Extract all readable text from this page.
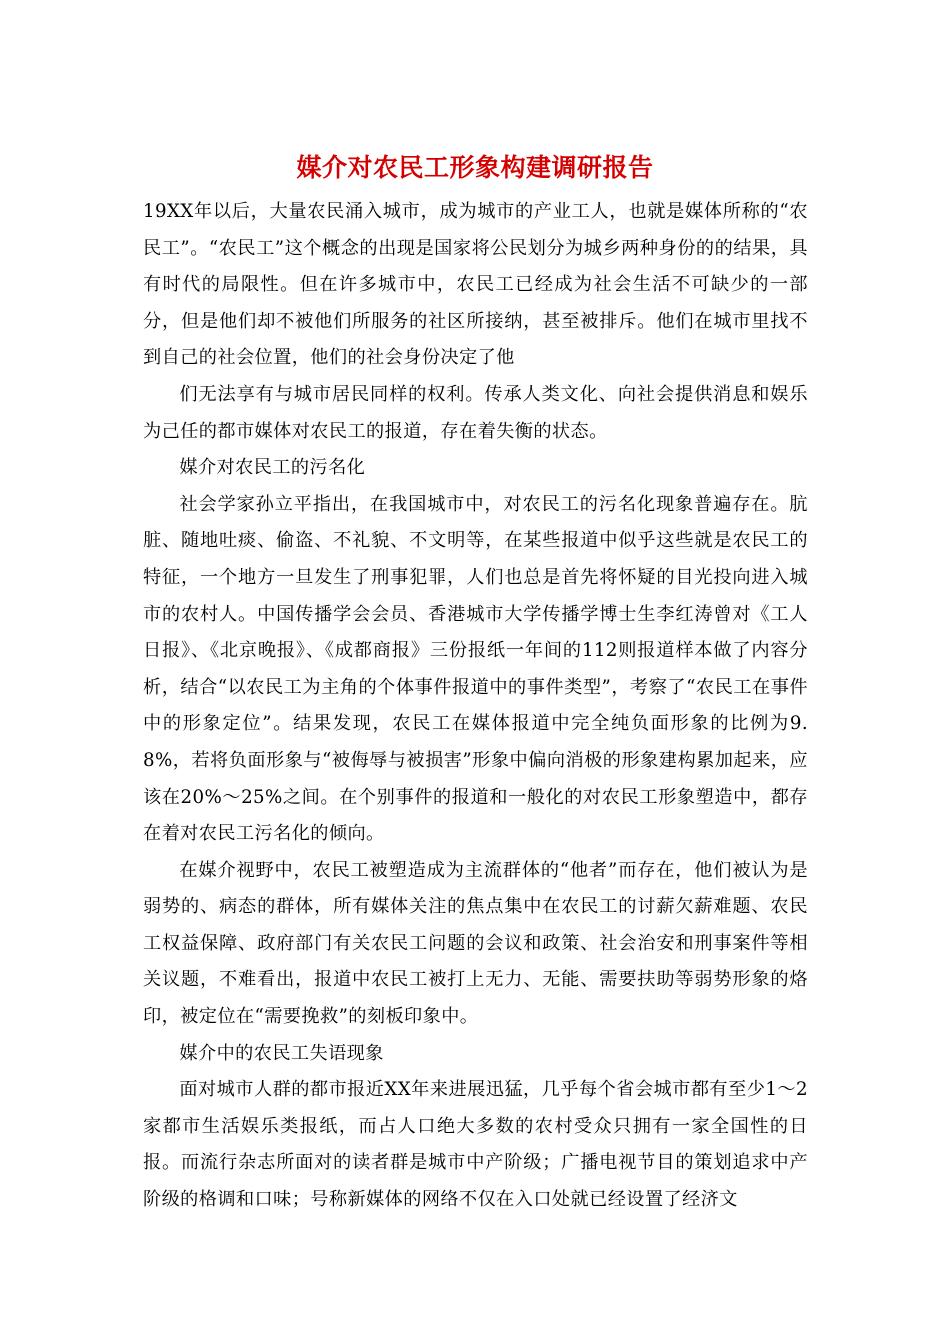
媒介对农民工形象构建调研报告

19XX年以后，大量农民涌入城市，成为城市的产业工人，也就是媒体所称的“农民工”。“农民工”这个概念的出现是国家将公民划分为城乡两种身份的的结果，具有时代的局限性。但在许多城市中，农民工已经成为社会生活不可缺少的一部分，但是他们却不被他们所服务的社区所接纳，甚至被排斥。他们在城市里找不到自己的社会位置，他们的社会身份决定了他

们无法享有与城市居民同样的权利。传承人类文化、向社会提供消息和娱乐为己任的都市媒体对农民工的报道，存在着失衡的状态。

媒介对农民工的污名化

社会学家孙立平指出，在我国城市中，对农民工的污名化现象普遍存在。肮脏、随地吐痰、偷盗、不礼貌、不文明等，在某些报道中似乎这些就是农民工的特征，一个地方一旦发生了刑事犯罪，人们也总是首先将怀疑的目光投向进入城市的农村人。中国传播学会会员、香港城市大学传播学博士生李红涛曾对《工人日报》、《北京晚报》、《成都商报》三份报纸一年间的112则报道样本做了内容分析，结合“以农民工为主角的个体事件报道中的事件类型”，考察了“农民工在事件中的形象定位”。结果发现，农民工在媒体报道中完全纯负面形象的比例为9.8%，若将负面形象与“被侮辱与被损害”形象中偏向消极的形象建构累加起来，应该在20%～25%之间。在个别事件的报道和一般化的对农民工形象塑造中，都存在着对农民工污名化的倾向。

在媒介视野中，农民工被塑造成为主流群体的“他者”而存在，他们被认为是弱势的、病态的群体，所有媒体关注的焦点集中在农民工的讨薪欠薪难题、农民工权益保障、政府部门有关农民工问题的会议和政策、社会治安和刑事案件等相关议题，不难看出，报道中农民工被打上无力、无能、需要扶助等弱势形象的烙印，被定位在“需要挽救”的刻板印象中。

媒介中的农民工失语现象

面对城市人群的都市报近XX年来进展迅猛，几乎每个省会城市都有至少1～2家都市生活娱乐类报纸，而占人口绝大多数的农村受众只拥有一家全国性的日报。而流行杂志所面对的读者群是城市中产阶级；广播电视节目的策划追求中产阶级的格调和口味；号称新媒体的网络不仅在入口处就已经设置了经济文
